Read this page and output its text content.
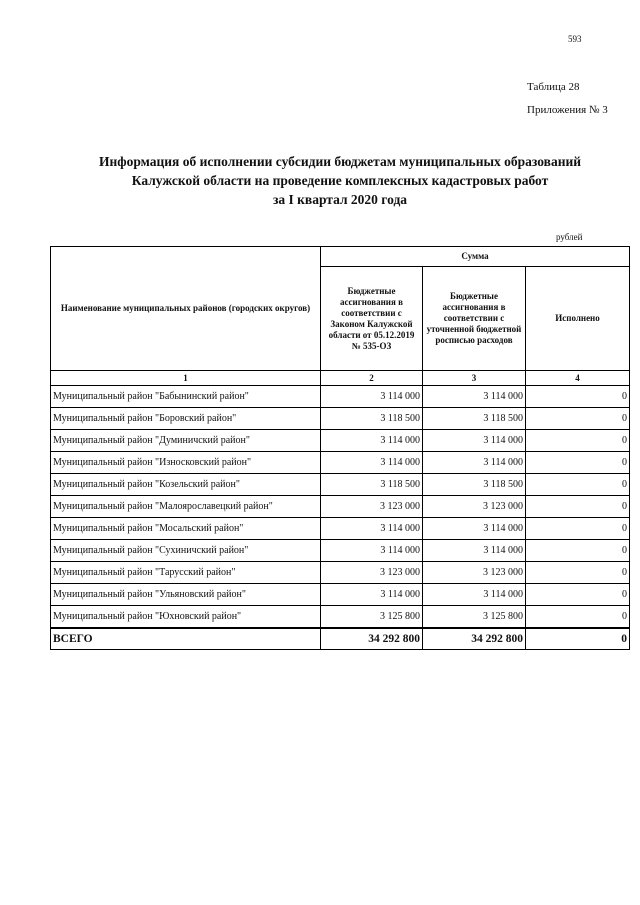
593
Таблица 28
Приложения № 3
Информация об исполнении субсидии бюджетам муниципальных образований
Калужской области на проведение комплексных кадастровых работ
за I квартал 2020 года
рублей
Наименование муниципальных районов (городских округов)	Сумма		
	Бюджетные ассигнования в соответствии с Законом Калужской области от 05.12.2019 № 535-ОЗ	Бюджетные ассигнования в соответствии с уточненной бюджетной росписью расходов	Исполнено
1	2	3	4
Муниципальный район "Бабынинский район"	3 114 000	3 114 000	0
Муниципальный район "Боровский район"	3 118 500	3 118 500	0
Муниципальный район "Думиничский район"	3 114 000	3 114 000	0
Муниципальный район "Износковский район"	3 114 000	3 114 000	0
Муниципальный район "Козельский район"	3 118 500	3 118 500	0
Муниципальный район "Малоярославецкий район"	3 123 000	3 123 000	0
Муниципальный район "Мосальский район"	3 114 000	3 114 000	0
Муниципальный район "Сухиничский район"	3 114 000	3 114 000	0
Муниципальный район "Тарусский район"	3 123 000	3 123 000	0
Муниципальный район "Ульяновский район"	3 114 000	3 114 000	0
Муниципальный район "Юхновский район"	3 125 800	3 125 800	0
ВСЕГО	34 292 800	34 292 800	0
